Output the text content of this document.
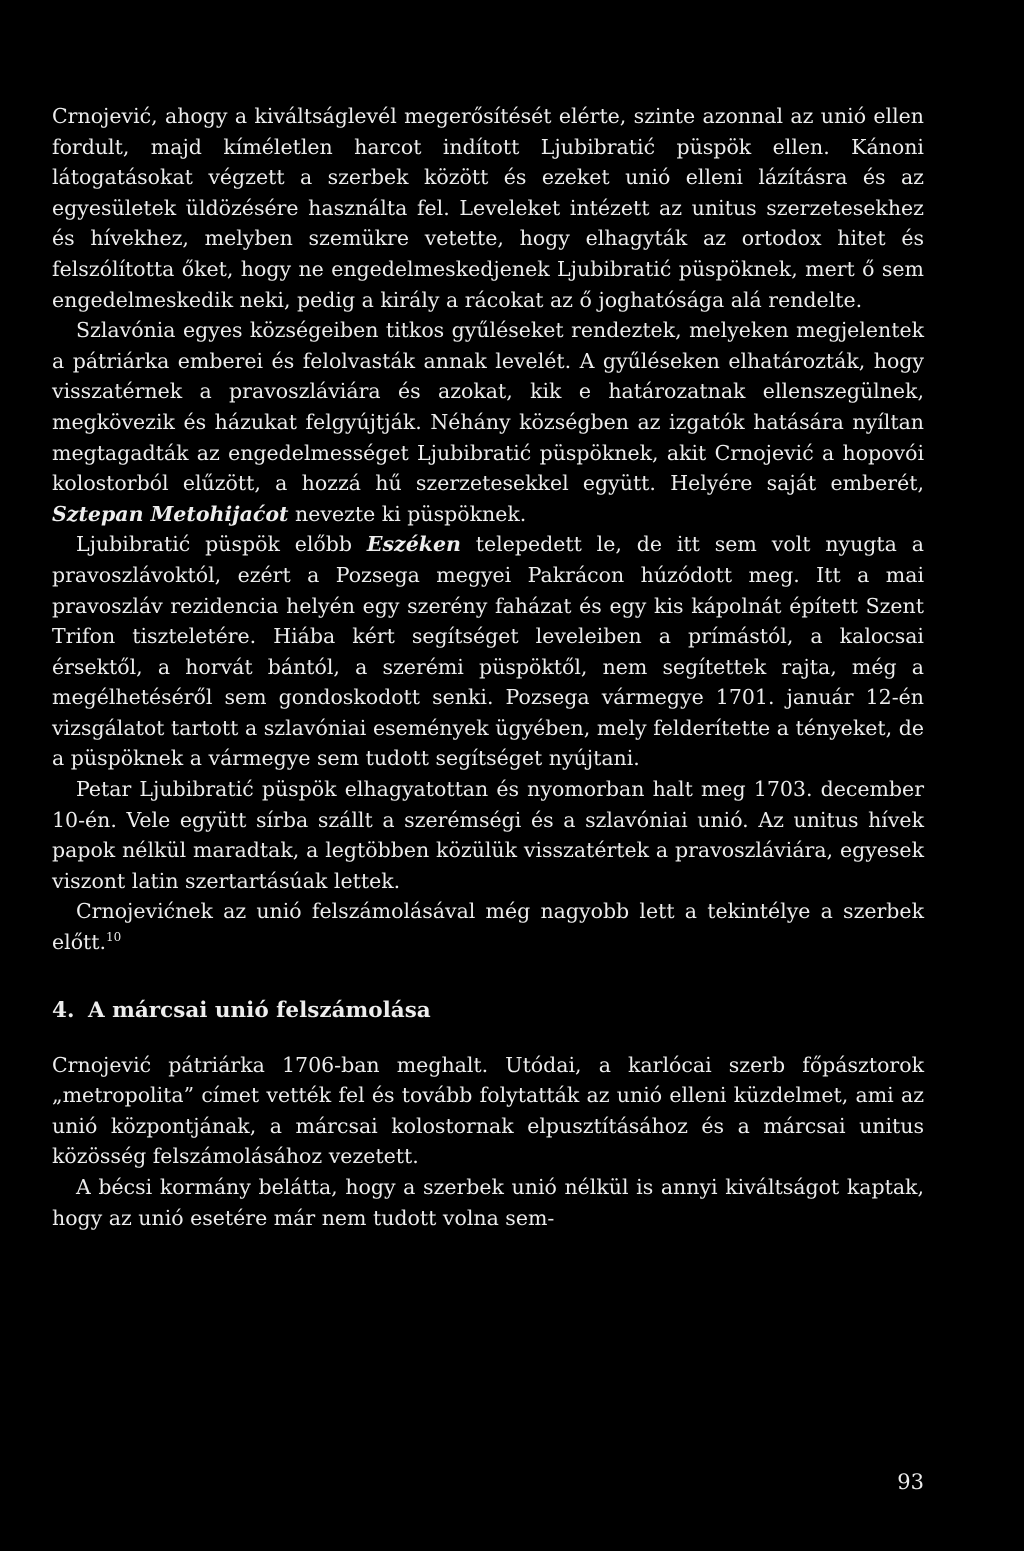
Crnojević, ahogy a kiváltságlevél megerősítését elérte, szinte azonnal az unió ellen fordult, majd kíméletlen harcot indított Ljubibratić püspök ellen. Kánoni látogatásokat végzett a szerbek között és ezeket unió elleni lázításra és az egyesületek üldözésére használta fel. Leveleket intézett az unitus szerzetesekhez és hívekhez, melyben szemükre vetette, hogy elhagyták az ortodox hitet és felszólította őket, hogy ne engedelmeskedjenek Ljubibratić püspöknek, mert ő sem engedelmeskedik neki, pedig a király a rácokat az ő joghatósága alá rendelte.

Szlavónia egyes községeiben titkos gyűléseket rendeztek, melyeken megjelentek a pátriárka emberei és felolvasták annak levelét. A gyűléseken elhatározták, hogy visszatérnek a pravoszláviára és azokat, kik e határozatnak ellenszegülnek, megkövezik és házukat felgyújtják. Néhány községben az izgatók hatására nyíltan megtagadták az engedelmességet Ljubibratić püspöknek, akit Crnojević a hopovói kolostorból elűzött, a hozzá hű szerzetesekkel együtt. Helyére saját emberét, Sztepan Metohijaćot nevezte ki püspöknek.

Ljubibratić püspök előbb Eszéken telepedett le, de itt sem volt nyugta a pravoszlávoktól, ezért a Pozsega megyei Pakrácon húzódott meg. Itt a mai pravoszláv rezidencia helyén egy szerény faházat és egy kis kápolnát épített Szent Trifon tiszteletére. Hiába kért segítséget leveleiben a prímástól, a kalocsai érsektől, a horvát bántól, a szerémi püspöktől, nem segítettek rajta, még a megélhetéséről sem gondoskodott senki. Pozsega vármegye 1701. január 12-én vizsgálatot tartott a szlavóniai események ügyében, mely felderítette a tényeket, de a püspöknek a vármegye sem tudott segítséget nyújtani.

Petar Ljubibratić püspök elhagyatottan és nyomorban halt meg 1703. december 10-én. Vele együtt sírba szállt a szerémségi és a szlavóniai unió. Az unitus hívek papok nélkül maradtak, a legtöbben közülük visszatértek a pravoszláviára, egyesek viszont latin szertartásúak lettek.

Crnojevićnek az unió felszámolásával még nagyobb lett a tekintélye a szerbek előtt.$^{10}$

4. A márcsai unió felszámolása

Crnojević pátriárka 1706-ban meghalt. Utódai, a karlócai szerb főpásztorok „metropolita” címet vették fel és tovább folytatták az unió elleni küzdelmet, ami az unió központjának, a márcsai kolostornak elpusztításához és a márcsai unitus közösség felszámolásához vezetett.

A bécsi kormány belátta, hogy a szerbek unió nélkül is annyi kiváltságot kaptak, hogy az unió esetére már nem tudott volna sem-

93
